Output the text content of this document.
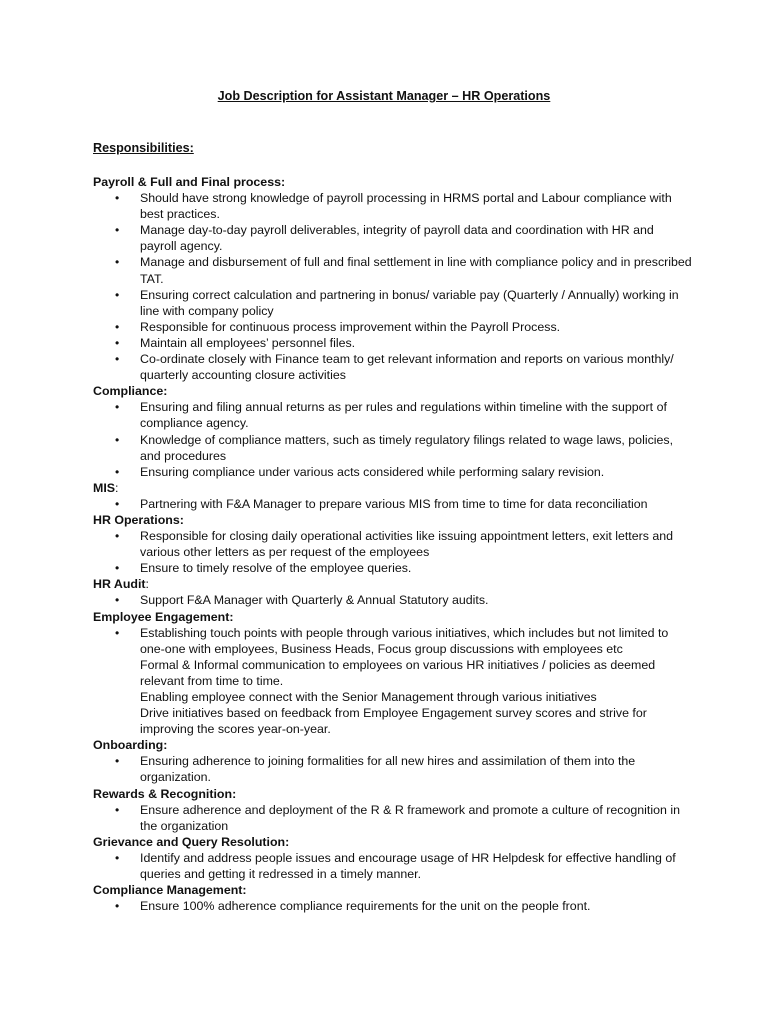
Job Description for Assistant Manager – HR Operations
Responsibilities:
Payroll & Full and Final process:
• Should have strong knowledge of payroll processing in HRMS portal and Labour compliance with best practices.
• Manage day-to-day payroll deliverables, integrity of payroll data and coordination with HR and payroll agency.
• Manage and disbursement of full and final settlement in line with compliance policy and in prescribed TAT.
• Ensuring correct calculation and partnering in bonus/ variable pay (Quarterly / Annually) working in line with company policy
• Responsible for continuous process improvement within the Payroll Process.
• Maintain all employees’ personnel files.
• Co-ordinate closely with Finance team to get relevant information and reports on various monthly/ quarterly accounting closure activities
Compliance:
• Ensuring and filing annual returns as per rules and regulations within timeline with the support of compliance agency.
• Knowledge of compliance matters, such as timely regulatory filings related to wage laws, policies, and procedures
• Ensuring compliance under various acts considered while performing salary revision.
MIS:
• Partnering with F&A Manager to prepare various MIS from time to time for data reconciliation
HR Operations:
• Responsible for closing daily operational activities like issuing appointment letters, exit letters and various other letters as per request of the employees
• Ensure to timely resolve of the employee queries.
HR Audit:
• Support F&A Manager with Quarterly & Annual Statutory audits.
Employee Engagement:
• Establishing touch points with people through various initiatives, which includes but not limited to one-one with employees, Business Heads, Focus group discussions with employees etc
Formal & Informal communication to employees on various HR initiatives / policies as deemed relevant from time to time.
Enabling employee connect with the Senior Management through various initiatives
Drive initiatives based on feedback from Employee Engagement survey scores and strive for improving the scores year-on-year.
Onboarding:
• Ensuring adherence to joining formalities for all new hires and assimilation of them into the organization.
Rewards & Recognition:
• Ensure adherence and deployment of the R & R framework and promote a culture of recognition in the organization
Grievance and Query Resolution:
• Identify and address people issues and encourage usage of HR Helpdesk for effective handling of queries and getting it redressed in a timely manner.
Compliance Management:
• Ensure 100% adherence compliance requirements for the unit on the people front.
